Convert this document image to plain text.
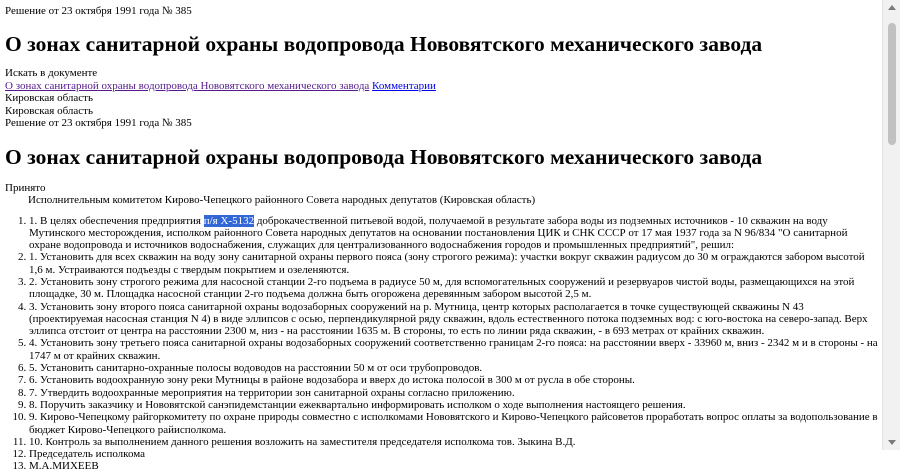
Решение от 23 октября 1991 года № 385
О зонах санитарной охраны водопровода Нововятского механического завода
Искать в документе
О зонах санитарной охраны водопровода Нововятского механического завода Комментарии
Кировская область
Кировская область
Решение от 23 октября 1991 года № 385
О зонах санитарной охраны водопровода Нововятского механического завода
Принято
Исполнительным комитетом Кирово-Чепецкого районного Совета народных депутатов (Кировская область)
1. 1. В целях обеспечения предприятия п/я Х-5132 доброкачественной питьевой водой, получаемой в результате забора воды из подземных источников - 10 скважин на воду Мутинского месторождения, исполком районного Совета народных депутатов на основании постановления ЦИК и СНК СССР от 17 мая 1937 года за N 96/834 "О санитарной охране водопровода и источников водоснабжения, служащих для централизованного водоснабжения городов и промышленных предприятий", решил:
2. 1. Установить для всех скважин на воду зону санитарной охраны первого пояса (зону строгого режима): участки вокруг скважин радиусом до 30 м ограждаются забором высотой 1,6 м. Устраиваются подъезды с твердым покрытием и озеленяются.
3. 2. Установить зону строгого режима для насосной станции 2-го подъема в радиусе 50 м, для вспомогательных сооружений и резервуаров чистой воды, размещающихся на этой площадке, 30 м. Площадка насосной станции 2-го подъема должна быть огорожена деревянным забором высотой 2,5 м.
4. 3. Установить зону второго пояса санитарной охраны водозаборных сооружений на р. Мутница, центр которых располагается в точке существующей скважины N 43 (проектируемая насосная станция N 4) в виде эллипсов с осью, перпендикулярной ряду скважин, вдоль естественного потока подземных вод: с юго-востока на северо-запад. Верх эллипса отстоит от центра на расстоянии 2300 м, низ - на расстоянии 1635 м. В стороны, то есть по линии ряда скважин, - в 693 метрах от крайних скважин.
5. 4. Установить зону третьего пояса санитарной охраны водозаборных сооружений соответственно границам 2-го пояса: на расстоянии вверх - 33960 м, вниз - 2342 м и в стороны - на 1747 м от крайних скважин.
6. 5. Установить санитарно-охранные полосы водоводов на расстоянии 50 м от оси трубопроводов.
7. 6. Установить водоохранную зону реки Мутницы в районе водозабора и вверх до истока полосой в 300 м от русла в обе стороны.
8. 7. Утвердить водоохранные мероприятия на территории зон санитарной охраны согласно приложению.
9. 8. Поручить заказчику и Нововятской санэпидемстанции ежеквартально информировать исполком о ходе выполнения настоящего решения.
10. 9. Кирово-Чепецкому райгоркомитету по охране природы совместно с исполкомами Нововятского и Кирово-Чепецкого райсоветов проработать вопрос оплаты за водопользование в бюджет Кирово-Чепецкого райисполкома.
11. 10. Контроль за выполнением данного решения возложить на заместителя председателя исполкома тов. Зыкина В.Д.
12. Председатель исполкома
13. М.А.МИХЕЕВ
